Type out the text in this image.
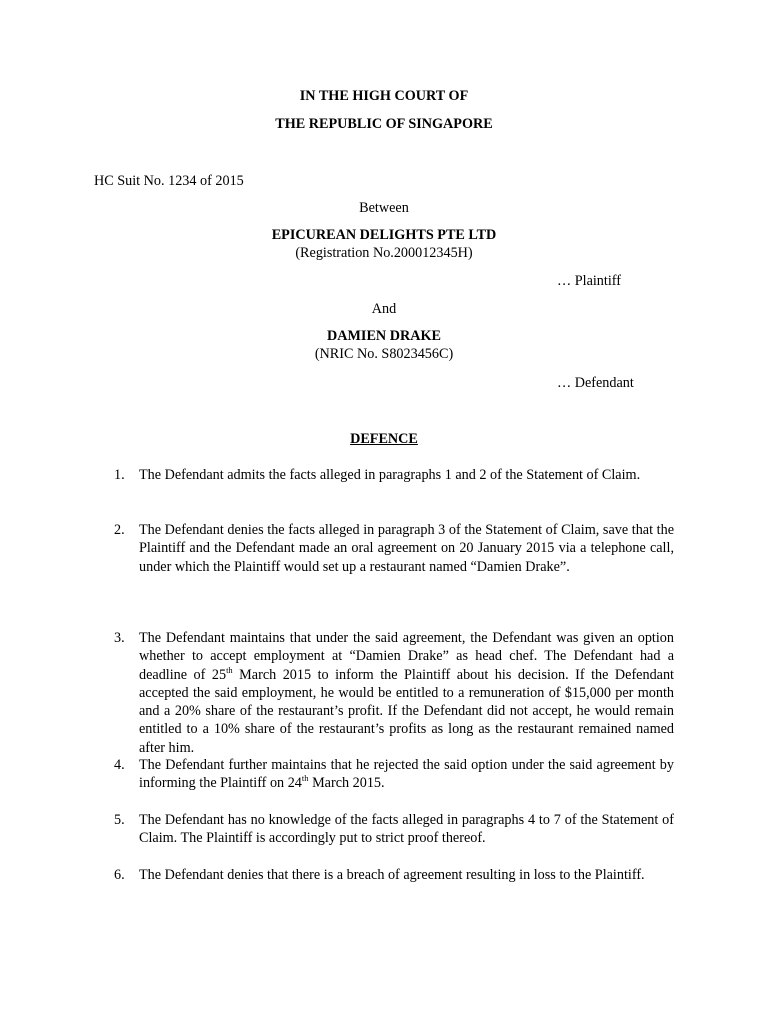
IN THE HIGH COURT OF
THE REPUBLIC OF SINGAPORE
HC Suit No. 1234 of 2015
Between
EPICUREAN DELIGHTS PTE LTD
(Registration No.200012345H)
… Plaintiff
And
DAMIEN DRAKE
(NRIC No. S8023456C)
… Defendant
DEFENCE
1.	The Defendant admits the facts alleged in paragraphs 1 and 2 of the Statement of Claim.
2.	The Defendant denies the facts alleged in paragraph 3 of the Statement of Claim, save that the Plaintiff and the Defendant made an oral agreement on 20 January 2015 via a telephone call, under which the Plaintiff would set up a restaurant named “Damien Drake”.
3.	The Defendant maintains that under the said agreement, the Defendant was given an option whether to accept employment at “Damien Drake” as head chef. The Defendant had a deadline of 25th March 2015 to inform the Plaintiff about his decision. If the Defendant accepted the said employment, he would be entitled to a remuneration of $15,000 per month and a 20% share of the restaurant’s profit. If the Defendant did not accept, he would remain entitled to a 10% share of the restaurant’s profits as long as the restaurant remained named after him.
4.	The Defendant further maintains that he rejected the said option under the said agreement by informing the Plaintiff on 24th March 2015.
5.	The Defendant has no knowledge of the facts alleged in paragraphs 4 to 7 of the Statement of Claim. The Plaintiff is accordingly put to strict proof thereof.
6.	The Defendant denies that there is a breach of agreement resulting in loss to the Plaintiff.
